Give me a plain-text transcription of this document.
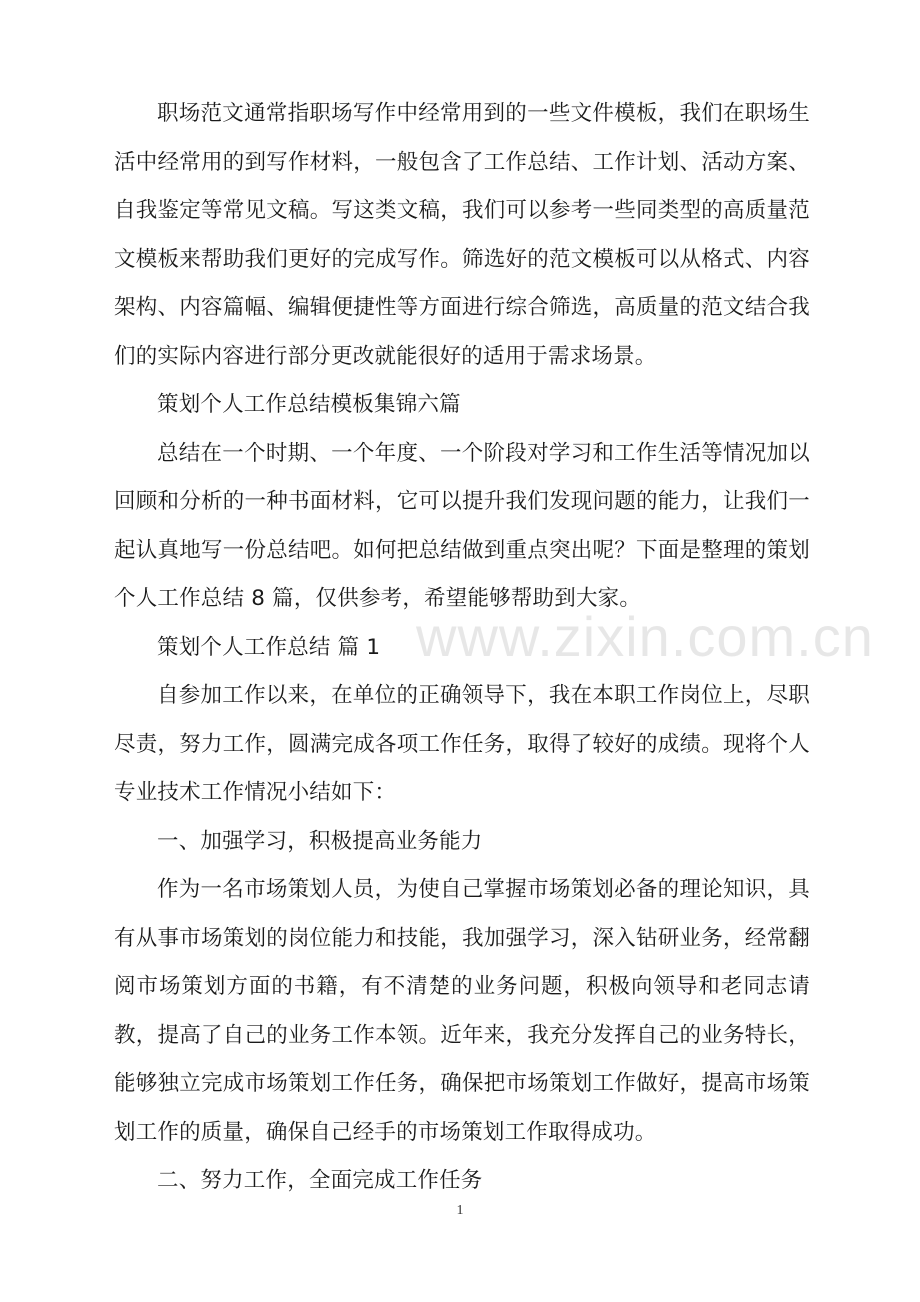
职场范文通常指职场写作中经常用到的一些文件模板，我们在职场生活中经常用的到写作材料，一般包含了工作总结、工作计划、活动方案、自我鉴定等常见文稿。写这类文稿，我们可以参考一些同类型的高质量范文模板来帮助我们更好的完成写作。筛选好的范文模板可以从格式、内容架构、内容篇幅、编辑便捷性等方面进行综合筛选，高质量的范文结合我们的实际内容进行部分更改就能很好的适用于需求场景。

策划个人工作总结模板集锦六篇

总结在一个时期、一个年度、一个阶段对学习和工作生活等情况加以回顾和分析的一种书面材料，它可以提升我们发现问题的能力，让我们一起认真地写一份总结吧。如何把总结做到重点突出呢？下面是整理的策划个人工作总结 8 篇，仅供参考，希望能够帮助到大家。

策划个人工作总结 篇 1

自参加工作以来，在单位的正确领导下，我在本职工作岗位上，尽职尽责，努力工作，圆满完成各项工作任务，取得了较好的成绩。现将个人专业技术工作情况小结如下：

一、加强学习，积极提高业务能力

作为一名市场策划人员，为使自己掌握市场策划必备的理论知识，具有从事市场策划的岗位能力和技能，我加强学习，深入钻研业务，经常翻阅市场策划方面的书籍，有不清楚的业务问题，积极向领导和老同志请教，提高了自己的业务工作本领。近年来，我充分发挥自己的业务特长，能够独立完成市场策划工作任务，确保把市场策划工作做好，提高市场策划工作的质量，确保自己经手的市场策划工作取得成功。

二、努力工作，全面完成工作任务

www.zixin.com.cn
1
